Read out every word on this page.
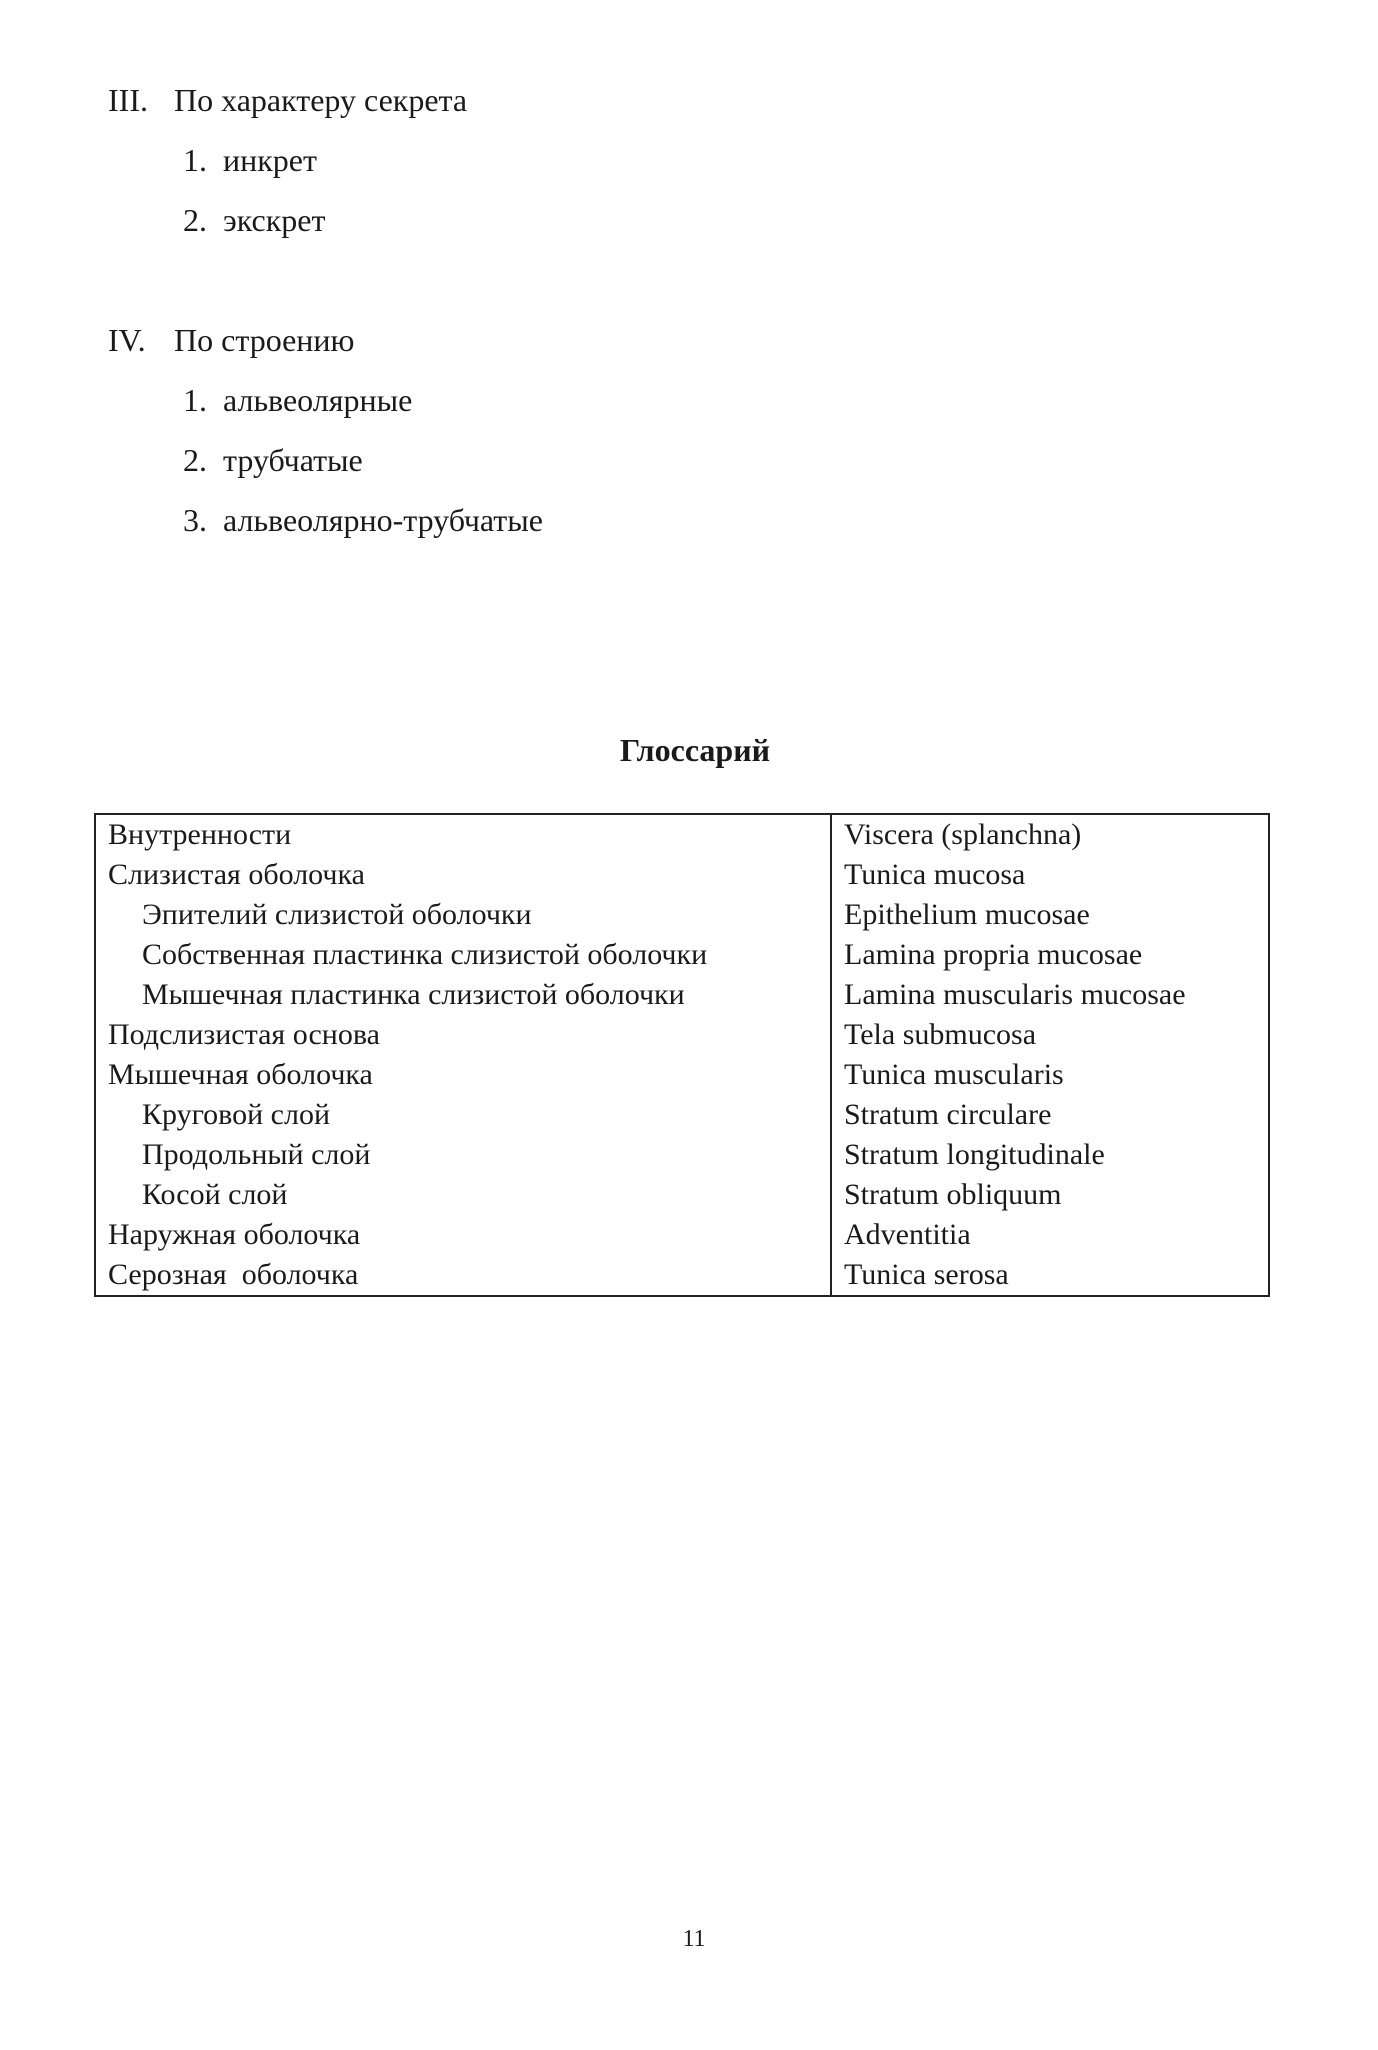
III. По характеру секрета
1. инкрет
2. экскрет
IV. По строению
1. альвеолярные
2. трубчатые
3. альвеолярно-трубчатые
Глоссарий
Внутренности	Viscera (splanchna)
Слизистая оболочка	Tunica mucosa
Эпителий слизистой оболочки	Epithelium mucosae
Собственная пластинка слизистой оболочки	Lamina propria mucosae
Мышечная пластинка слизистой оболочки	Lamina muscularis mucosae
Подслизистая основа	Tela submucosa
Мышечная оболочка	Tunica muscularis
Круговой слой	Stratum circulare
Продольный слой	Stratum longitudinale
Косой слой	Stratum obliquum
Наружная оболочка	Adventitia
Серозная  оболочка	Tunica serosa
11
